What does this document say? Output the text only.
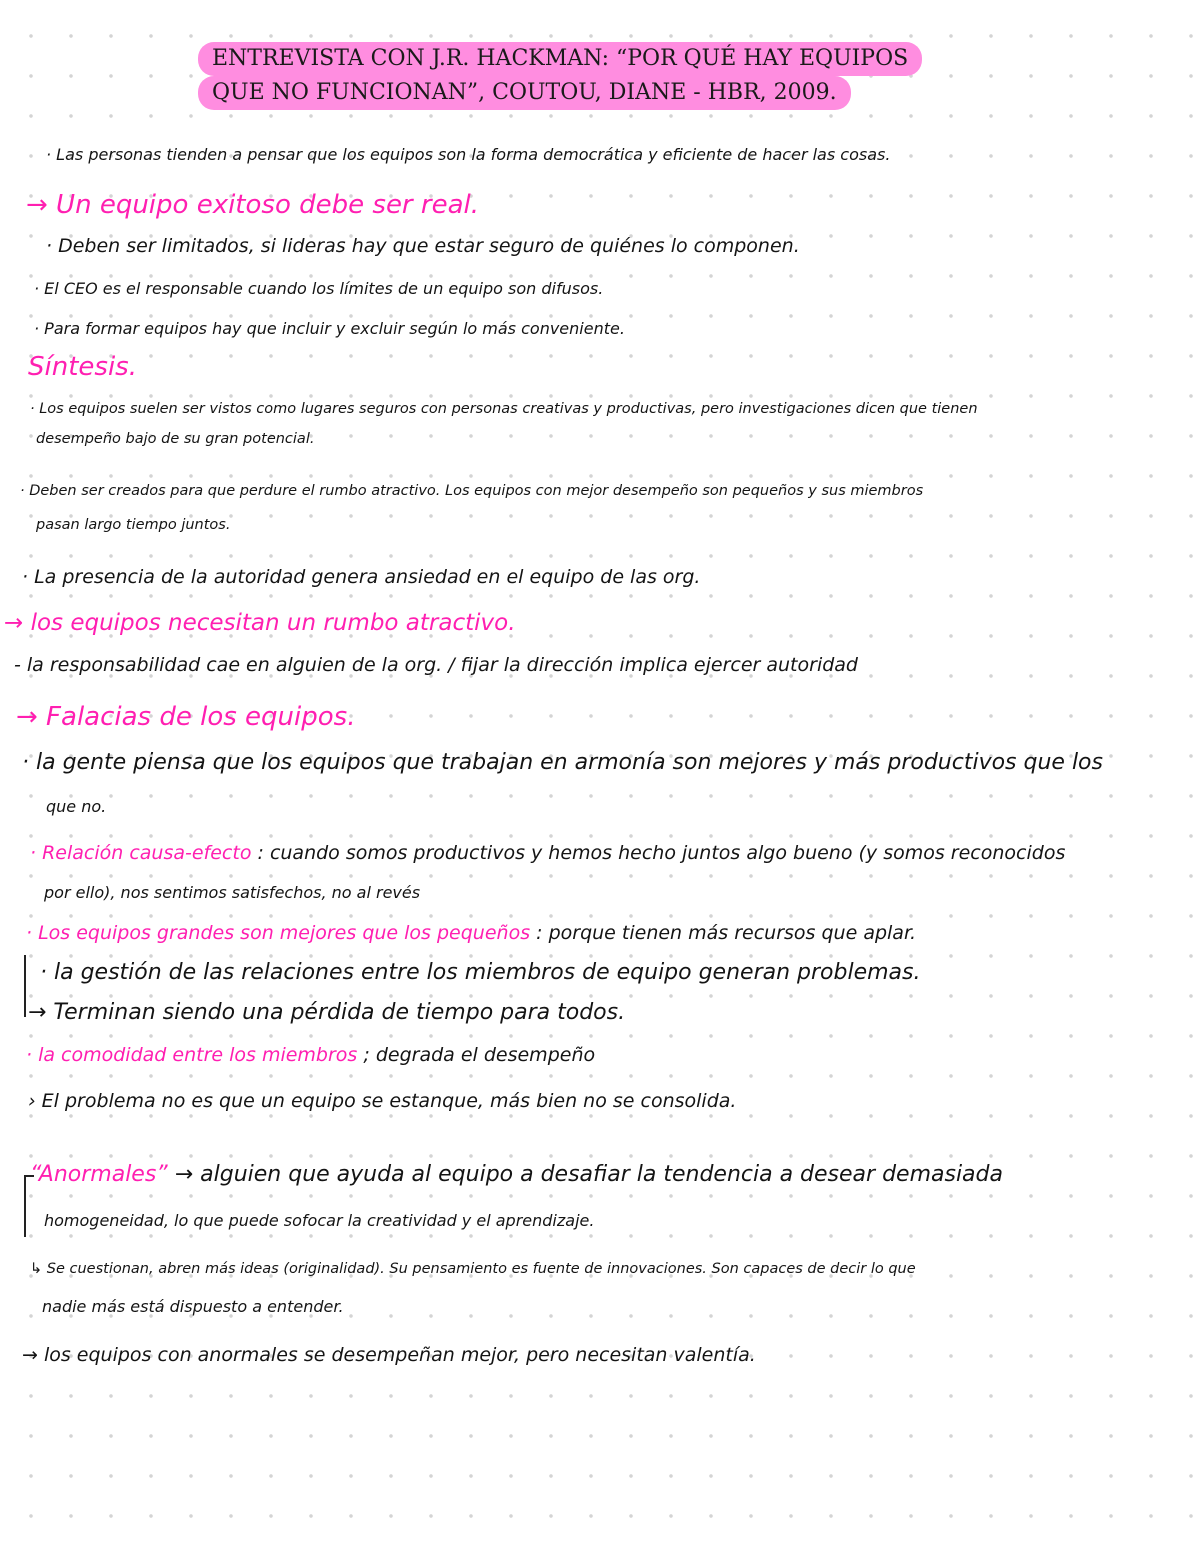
ENTREVISTA CON J.R. HACKMAN: “POR QUÉ HAY EQUIPOS
QUE NO FUNCIONAN”, COUTOU, DIANE - HBR, 2009.
· Las personas tienden a pensar que los equipos son la forma democrática y eficiente de hacer las cosas.
→ Un equipo exitoso debe ser real.
· Deben ser limitados, si lideras hay que estar seguro de quiénes lo componen.
· El CEO es el responsable cuando los límites de un equipo son difusos.
· Para formar equipos hay que incluir y excluir según lo más conveniente.
Síntesis.
· Los equipos suelen ser vistos como lugares seguros con personas creativas y productivas, pero investigaciones dicen que tienen
desempeño bajo de su gran potencial.
· Deben ser creados para que perdure el rumbo atractivo. Los equipos con mejor desempeño son pequeños y sus miembros
pasan largo tiempo juntos.
· La presencia de la autoridad genera ansiedad en el equipo de las org.
→ los equipos necesitan un rumbo atractivo.
- la responsabilidad cae en alguien de la org. / fijar la dirección implica ejercer autoridad
→ Falacias de los equipos.
· la gente piensa que los equipos que trabajan en armonía son mejores y más productivos que los
que no.
· Relación causa-efecto : cuando somos productivos y hemos hecho juntos algo bueno (y somos reconocidos
por ello), nos sentimos satisfechos, no al revés
· Los equipos grandes son mejores que los pequeños : porque tienen más recursos que aplar.
· la gestión de las relaciones entre los miembros de equipo generan problemas.
→ Terminan siendo una pérdida de tiempo para todos.
· la comodidad entre los miembros ; degrada el desempeño
› El problema no es que un equipo se estanque, más bien no se consolida.
“Anormales” → alguien que ayuda al equipo a desafiar la tendencia a desear demasiada
homogeneidad, lo que puede sofocar la creatividad y el aprendizaje.
↳ Se cuestionan, abren más ideas (originalidad). Su pensamiento es fuente de innovaciones. Son capaces de decir lo que
nadie más está dispuesto a entender.
→ los equipos con anormales se desempeñan mejor, pero necesitan valentía.
